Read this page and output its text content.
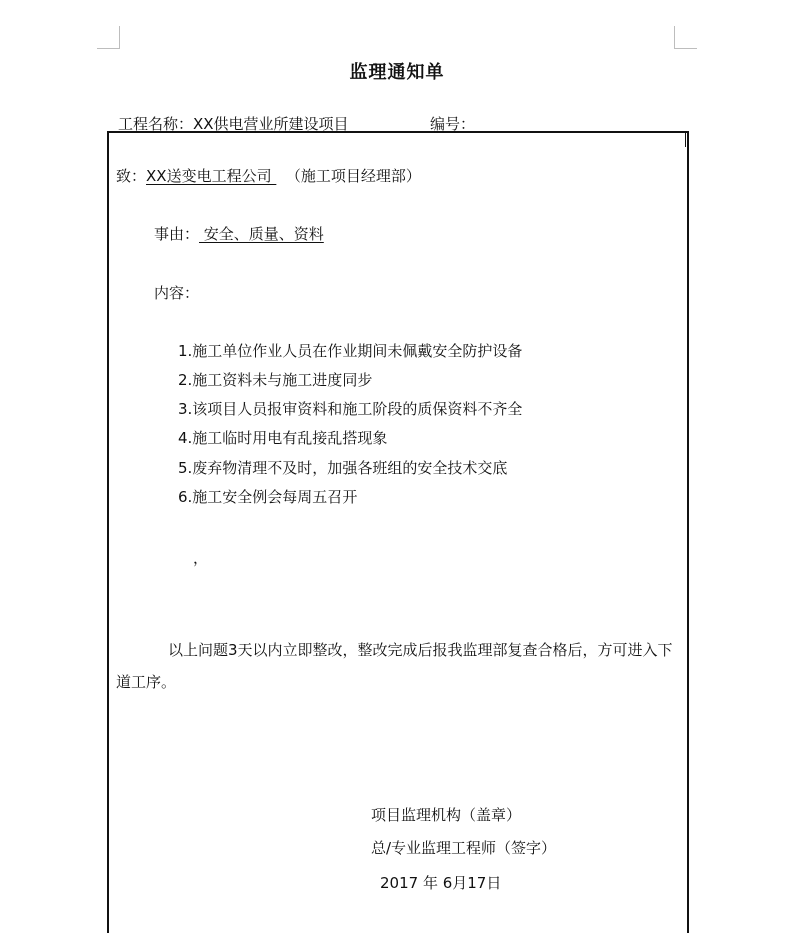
监理通知单
工程名称：XX供电营业所建设项目	编号：
致：XX送变电工程公司   （施工项目经理部）
事由： 安全、质量、资料
内容：
1.施工单位作业人员在作业期间未佩戴安全防护设备
2.施工资料未与施工进度同步
3.该项目人员报审资料和施工阶段的质保资料不齐全
4.施工临时用电有乱接乱搭现象
5.废弃物清理不及时，加强各班组的安全技术交底
6.施工安全例会每周五召开
，
以上问题3天以内立即整改，整改完成后报我监理部复查合格后，方可进入下道工序。
项目监理机构（盖章）
总/专业监理工程师（签字）
2017 年 6月17日
